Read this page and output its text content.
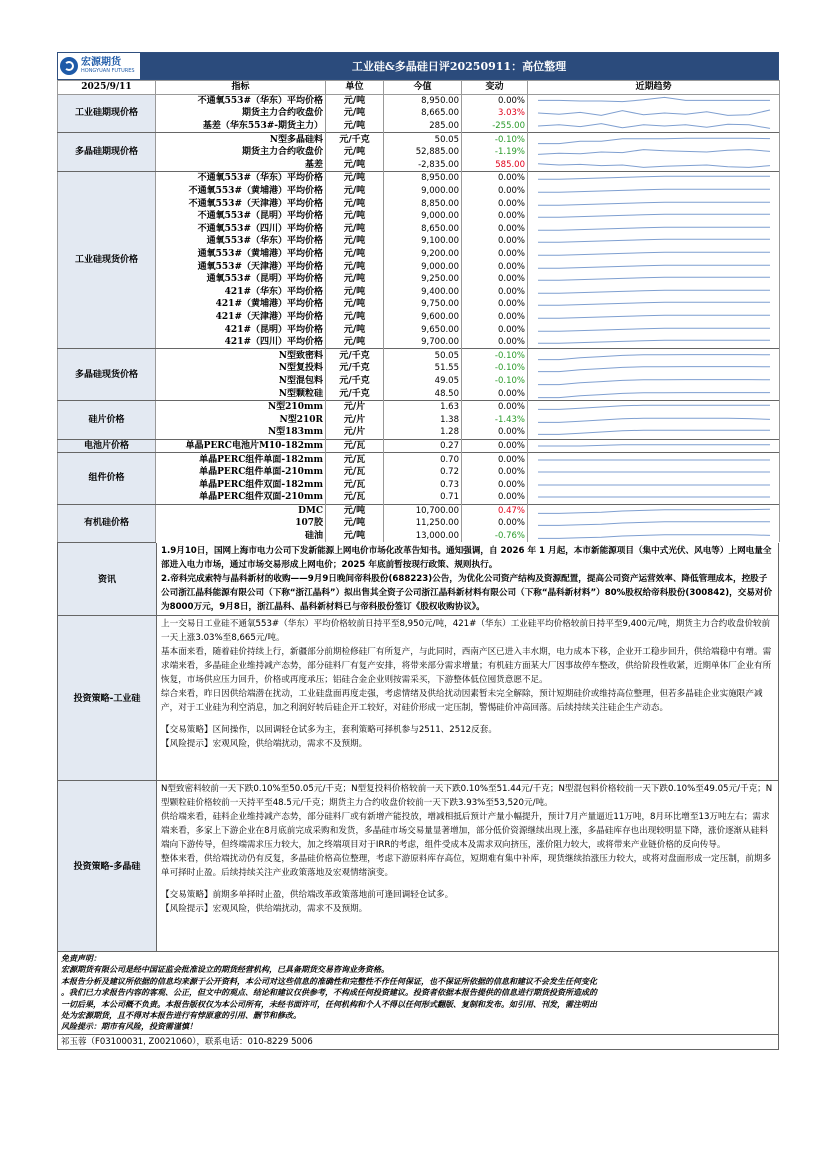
宏源期货
HONGYUAN FUTURES	工业硅&多晶硅日评20250911：高位整理
2025/9/11	指标	单位	今值	变动	近期趋势
工业硅期现价格	不通氧553#（华东）平均价格	元/吨	8,950.00	0.00%	

	期货主力合约收盘价	元/吨	8,665.00	3.03%	

	基差（华东553#-期货主力）	元/吨	285.00	-255.00	

多晶硅期现价格	N型多晶硅料	元/千克	50.05	-0.10%	

	期货主力合约收盘价	元/吨	52,885.00	-1.19%	

	基差	元/吨	-2,835.00	585.00	

工业硅现货价格	不通氧553#（华东）平均价格	元/吨	8,950.00	0.00%	

	不通氧553#（黄埔港）平均价格	元/吨	9,000.00	0.00%	

	不通氧553#（天津港）平均价格	元/吨	8,850.00	0.00%	

	不通氧553#（昆明）平均价格	元/吨	9,000.00	0.00%	

	不通氧553#（四川）平均价格	元/吨	8,650.00	0.00%	

	通氧553#（华东）平均价格	元/吨	9,100.00	0.00%	

	通氧553#（黄埔港）平均价格	元/吨	9,200.00	0.00%	

	通氧553#（天津港）平均价格	元/吨	9,000.00	0.00%	

	通氧553#（昆明）平均价格	元/吨	9,250.00	0.00%	

	421#（华东）平均价格	元/吨	9,400.00	0.00%	

	421#（黄埔港）平均价格	元/吨	9,750.00	0.00%	

	421#（天津港）平均价格	元/吨	9,600.00	0.00%	

	421#（昆明）平均价格	元/吨	9,650.00	0.00%	

	421#（四川）平均价格	元/吨	9,700.00	0.00%	

多晶硅现货价格	N型致密料	元/千克	50.05	-0.10%	

	N型复投料	元/千克	51.55	-0.10%	

	N型混包料	元/千克	49.05	-0.10%	

	N型颗粒硅	元/千克	48.50	0.00%	

硅片价格	N型210mm	元/片	1.63	0.00%	

	N型210R	元/片	1.38	-1.43%	

	N型183mm	元/片	1.28	0.00%	

电池片价格	单晶PERC电池片M10-182mm	元/瓦	0.27	0.00%	

组件价格	单晶PERC组件单面-182mm	元/瓦	0.70	0.00%	

	单晶PERC组件单面-210mm	元/瓦	0.72	0.00%	

	单晶PERC组件双面-182mm	元/瓦	0.73	0.00%	

	单晶PERC组件双面-210mm	元/瓦	0.71	0.00%	

有机硅价格	DMC	元/吨	10,700.00	0.47%	

	107胶	元/吨	11,250.00	0.00%	

	硅油	元/吨	13,000.00	-0.76%	
资讯

1.9月10日，国网上海市电力公司下发新能源上网电价市场化改革告知书。通知强调，自 2026 年 1 月起，本市新能源项目（集中式光伏、风电等）上网电量全部进入电力市场，通过市场交易形成上网电价；2025 年底前暂按现行政策、规则执行。

2.帝科完成索特与晶科新材的收购——9月9日晚间帝科股份(688223)公告，为优化公司资产结构及资源配置，提高公司资产运营效率、降低管理成本，控股子公司浙江晶科能源有限公司（下称“浙江晶科”）拟出售其全资子公司浙江晶科新材料有限公司（下称“晶科新材料”）80%股权给帝科股份(300842)，交易对价为8000万元，9月8日，浙江晶科、晶科新材料已与帝科股份签订《股权收购协议》。

投资策略-工业硅

上一交易日工业硅不通氧553#（华东）平均价格较前日持平至8,950元/吨，421#（华东）工业硅平均价格较前日持平至9,400元/吨，期货主力合约收盘价较前一天上涨3.03%至8,665元/吨。

基本面来看，随着硅价持续上行，新疆部分前期检修硅厂有所复产，与此同时，西南产区已进入丰水期，电力成本下移，企业开工稳步回升，供给端稳中有增。需求端来看，多晶硅企业维持减产态势，部分硅料厂有复产安排，将带来部分需求增量；有机硅方面某大厂因事故停车整改，供给阶段性收紧，近期单体厂企业有所恢复，市场供应压力回升，价格或再度承压；铝硅合金企业则按需采买，下游整体低位囤货意愿不足。

综合来看，昨日因供给端潜在扰动，工业硅盘面再度走强，考虑情绪及供给扰动因素暂未完全解除，预计短期硅价或维持高位整理，但若多晶硅企业实施限产减产，对于工业硅为利空消息，加之利润好转后硅企开工较好，对硅价形成一定压制，警惕硅价冲高回落。后续持续关注硅企生产动态。

【交易策略】区间操作，以回调轻仓试多为主，套利策略可择机参与2511、2512反套。

【风险提示】宏观风险，供给端扰动，需求不及预期。

投资策略-多晶硅

N型致密料较前一天下跌0.10%至50.05元/千克；N型复投料价格较前一天下跌0.10%至51.44元/千克；N型混包料价格较前一天下跌0.10%至49.05元/千克；N型颗粒硅价格较前一天持平至48.5元/千克；期货主力合约收盘价较前一天下跌3.93%至53,520元/吨。

供给端来看，硅料企业维持减产态势，部分硅料厂或有新增产能投放，增减相抵后预计产量小幅提升，预计7月产量逼近11万吨，8月环比增至13万吨左右；需求端来看，多家上下游企业在8月底前完成采购和发货，多晶硅市场交易量显著增加，部分低价资源继续出现上涨，多晶硅库存也出现较明显下降，涨价逐渐从硅料端向下游传导，但终端需求压力较大，加之终端项目对于IRR的考虑，组件受成本及需求双向挤压，涨价阻力较大，或将带来产业链价格的反向传导。

整体来看，供给端扰动仍有反复，多晶硅价格高位整理，考虑下游原料库存高位，短期难有集中补库，现货继续抬涨压力较大，或将对盘面形成一定压制，前期多单可择时止盈。后续持续关注产业政策落地及宏观情绪演变。

【交易策略】前期多单择时止盈，供给端改革政策落地前可逢回调轻仓试多。

【风险提示】宏观风险，供给端扰动，需求不及预期。

免责声明：
宏源期货有限公司是经中国证监会批准设立的期货经营机构，已具备期货交易咨询业务资格。
本报告分析及建议所依据的信息均来源于公开资料，本公司对这些信息的准确性和完整性不作任何保证，也不保证所依据的信息和建议不会发生任何变化
。我们已力求报告内容的客观、公正，但文中的观点、结论和建议仅供参考，不构成任何投资建议。投资者依据本报告提供的信息进行期货投资所造成的
一切后果，本公司概不负责。本报告版权仅为本公司所有，未经书面许可，任何机构和个人不得以任何形式翻版、复制和发布。如引用、刊发，需注明出
处为宏源期货，且不得对本报告进行有悖原意的引用、删节和修改。
风险提示：期市有风险，投资需谨慎！
祁玉蓉（F03100031, Z0021060），联系电话：010-8229 5006
